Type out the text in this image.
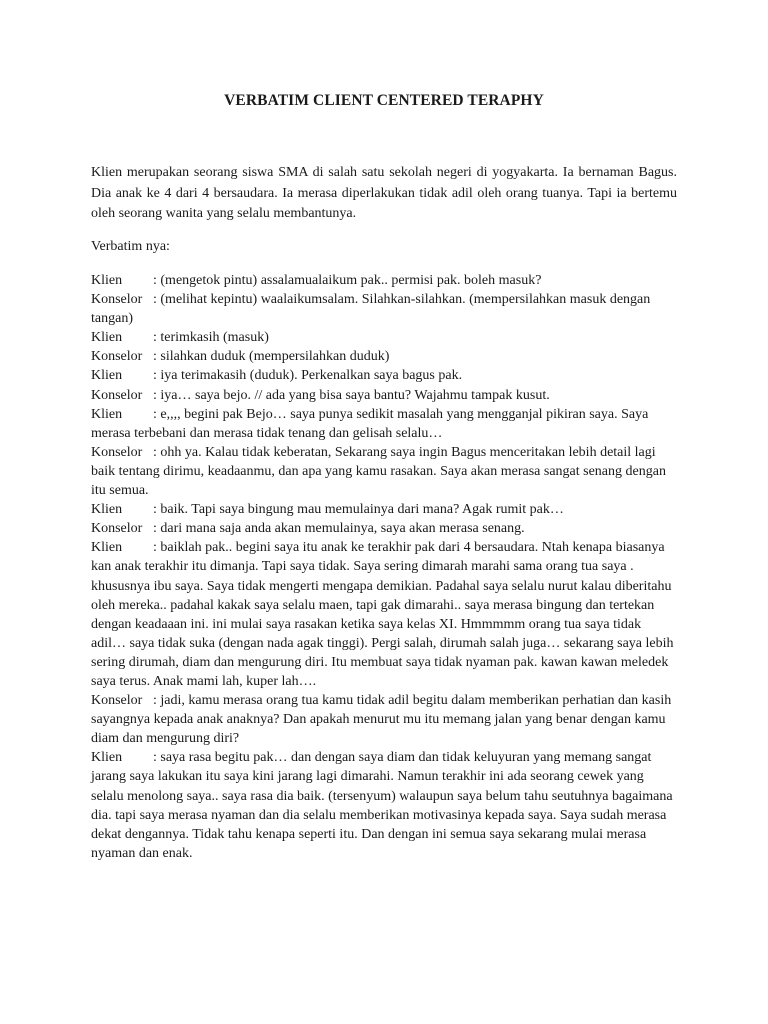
VERBATIM CLIENT CENTERED TERAPHY

Klien merupakan seorang siswa SMA di salah satu sekolah negeri di yogyakarta. Ia bernaman Bagus. Dia anak ke 4 dari 4 bersaudara. Ia merasa diperlakukan tidak adil oleh orang tuanya. Tapi ia bertemu oleh seorang wanita yang selalu membantunya.

Verbatim nya:

Klien : (mengetok pintu) assalamualaikum pak.. permisi pak. boleh masuk?

Konselor : (melihat kepintu) waalaikumsalam. Silahkan-silahkan. (mempersilahkan masuk dengan tangan)

Klien : terimkasih (masuk)

Konselor : silahkan duduk (mempersilahkan duduk)

Klien : iya terimakasih (duduk). Perkenalkan saya bagus pak.

Konselor : iya… saya bejo. // ada yang bisa saya bantu? Wajahmu tampak kusut.

Klien : e,,,, begini pak Bejo… saya punya sedikit masalah yang mengganjal pikiran saya. Saya merasa terbebani dan merasa tidak tenang dan gelisah selalu…

Konselor : ohh ya. Kalau tidak keberatan, Sekarang saya ingin Bagus menceritakan lebih detail lagi baik tentang dirimu, keadaanmu, dan apa yang kamu rasakan. Saya akan merasa sangat senang dengan itu semua.

Klien : baik. Tapi saya bingung mau memulainya dari mana? Agak rumit pak…

Konselor : dari mana saja anda akan memulainya, saya akan merasa senang.

Klien : baiklah pak.. begini saya itu anak ke terakhir pak dari 4 bersaudara. Ntah kenapa biasanya kan anak terakhir itu dimanja. Tapi saya tidak. Saya sering dimarah marahi sama orang tua saya . khususnya ibu saya. Saya tidak mengerti mengapa demikian. Padahal saya selalu nurut kalau diberitahu oleh mereka.. padahal kakak saya selalu maen, tapi gak dimarahi.. saya merasa bingung dan tertekan dengan keadaaan ini. ini mulai saya rasakan ketika saya kelas XI. Hmmmmm orang tua saya tidak adil… saya tidak suka (dengan nada agak tinggi). Pergi salah, dirumah salah juga… sekarang saya lebih sering dirumah, diam dan mengurung diri. Itu membuat saya tidak nyaman pak. kawan kawan meledek saya terus. Anak mami lah, kuper lah….

Konselor : jadi, kamu merasa orang tua kamu tidak adil begitu dalam memberikan perhatian dan kasih sayangnya kepada anak anaknya? Dan apakah menurut mu itu memang jalan yang benar dengan kamu diam dan mengurung diri?

Klien : saya rasa begitu pak… dan dengan saya diam dan tidak keluyuran yang memang sangat jarang saya lakukan itu saya kini jarang lagi dimarahi. Namun terakhir ini ada seorang cewek yang selalu menolong saya.. saya rasa dia baik. (tersenyum) walaupun saya belum tahu seutuhnya bagaimana dia. tapi saya merasa nyaman dan dia selalu memberikan motivasinya kepada saya. Saya sudah merasa dekat dengannya. Tidak tahu kenapa seperti itu. Dan dengan ini semua saya sekarang mulai merasa nyaman dan enak.
